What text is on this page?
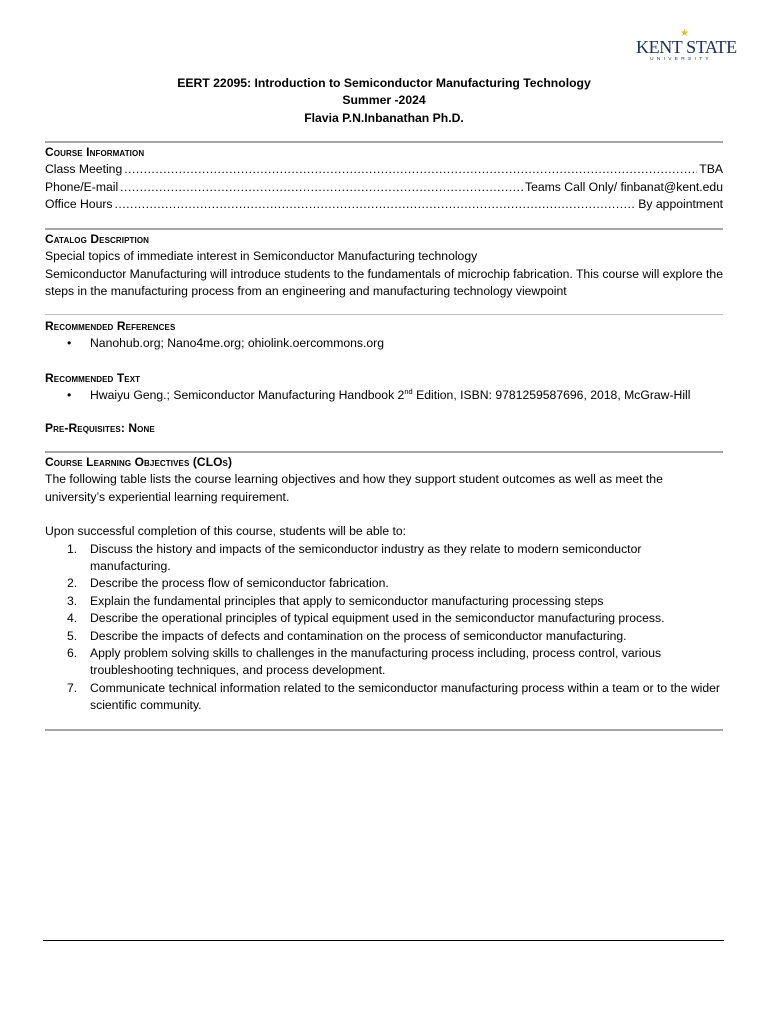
KENT STATE
★
UNIVERSITY
EERT 22095: Introduction to Semiconductor Manufacturing Technology
Summer -2024
Flavia P.N.Inbanathan Ph.D.
Course Information
Class Meeting .....	TBA
Phone/E-mail .....	Teams Call Only/ finbanat@kent.edu
Office Hours .....	By appointment
Catalog Description

Special topics of immediate interest in Semiconductor Manufacturing technology

Semiconductor Manufacturing will introduce students to the fundamentals of microchip fabrication. This course will explore the steps in the manufacturing process from an engineering and manufacturing technology viewpoint

Recommended References
• Nanohub.org; Nano4me.org; ohiolink.oercommons.org
Recommended Text
• Hwaiyu Geng.; Semiconductor Manufacturing Handbook 2nd Edition, ISBN: 9781259587696, 2018, McGraw-Hill
Pre-Requisites: None
Course Learning Objectives (CLOs)

The following table lists the course learning objectives and how they support student outcomes as well as meet the university’s experiential learning requirement.

Upon successful completion of this course, students will be able to:

1. Discuss the history and impacts of the semiconductor industry as they relate to modern semiconductor manufacturing.
2. Describe the process flow of semiconductor fabrication.
3. Explain the fundamental principles that apply to semiconductor manufacturing processing steps
4. Describe the operational principles of typical equipment used in the semiconductor manufacturing process.
5. Describe the impacts of defects and contamination on the process of semiconductor manufacturing.
6. Apply problem solving skills to challenges in the manufacturing process including, process control, various troubleshooting techniques, and process development.
7. Communicate technical information related to the semiconductor manufacturing process within a team or to the wider scientific community.
